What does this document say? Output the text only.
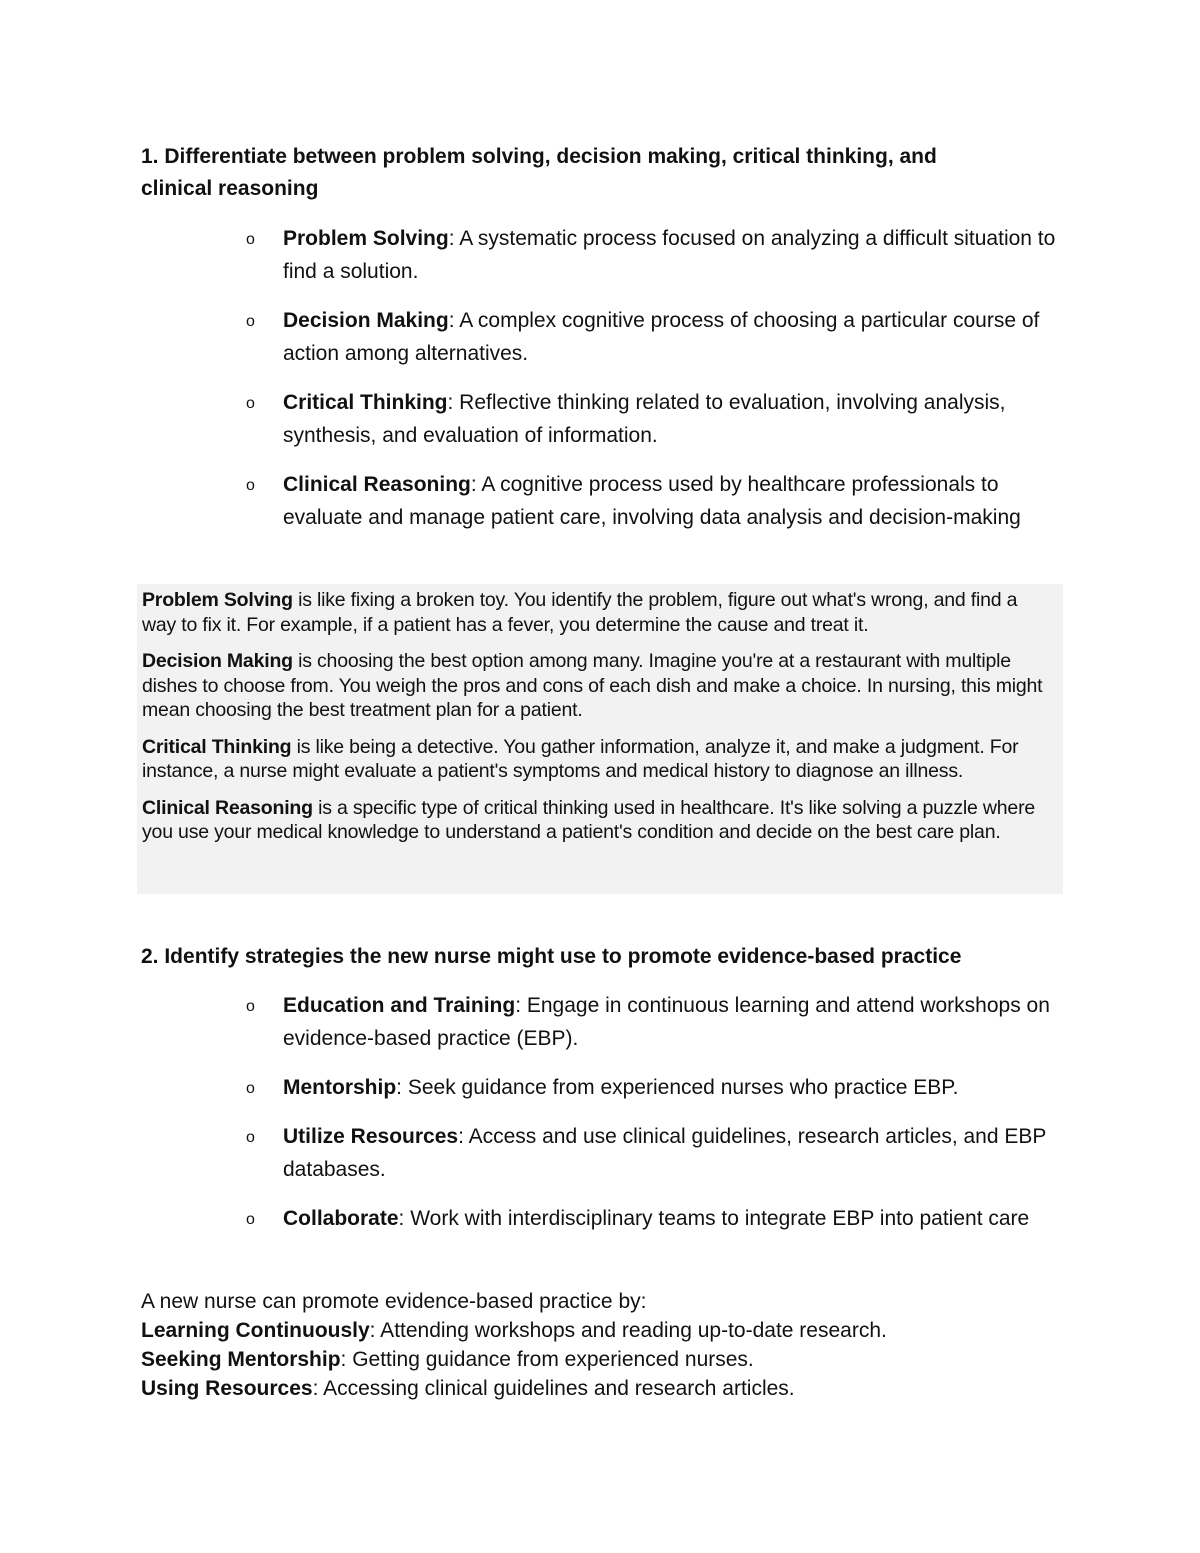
1. Differentiate between problem solving, decision making, critical thinking, and
clinical reasoning
o Problem Solving: A systematic process focused on analyzing a difficult situation to find a solution.
o Decision Making: A complex cognitive process of choosing a particular course of action among alternatives.
o Critical Thinking: Reflective thinking related to evaluation, involving analysis, synthesis, and evaluation of information.
o Clinical Reasoning: A cognitive process used by healthcare professionals to evaluate and manage patient care, involving data analysis and decision-making

Problem Solving is like fixing a broken toy. You identify the problem, figure out what's wrong, and find a way to fix it. For example, if a patient has a fever, you determine the cause and treat it.

Decision Making is choosing the best option among many. Imagine you're at a restaurant with multiple dishes to choose from. You weigh the pros and cons of each dish and make a choice. In nursing, this might mean choosing the best treatment plan for a patient.

Critical Thinking is like being a detective. You gather information, analyze it, and make a judgment. For instance, a nurse might evaluate a patient's symptoms and medical history to diagnose an illness.

Clinical Reasoning is a specific type of critical thinking used in healthcare. It's like solving a puzzle where you use your medical knowledge to understand a patient's condition and decide on the best care plan.

2. Identify strategies the new nurse might use to promote evidence-based practice
o Education and Training: Engage in continuous learning and attend workshops on evidence-based practice (EBP).
o Mentorship: Seek guidance from experienced nurses who practice EBP.
o Utilize Resources: Access and use clinical guidelines, research articles, and EBP databases.
o Collaborate: Work with interdisciplinary teams to integrate EBP into patient care

A new nurse can promote evidence-based practice by:

Learning Continuously: Attending workshops and reading up-to-date research.

Seeking Mentorship: Getting guidance from experienced nurses.

Using Resources: Accessing clinical guidelines and research articles.
